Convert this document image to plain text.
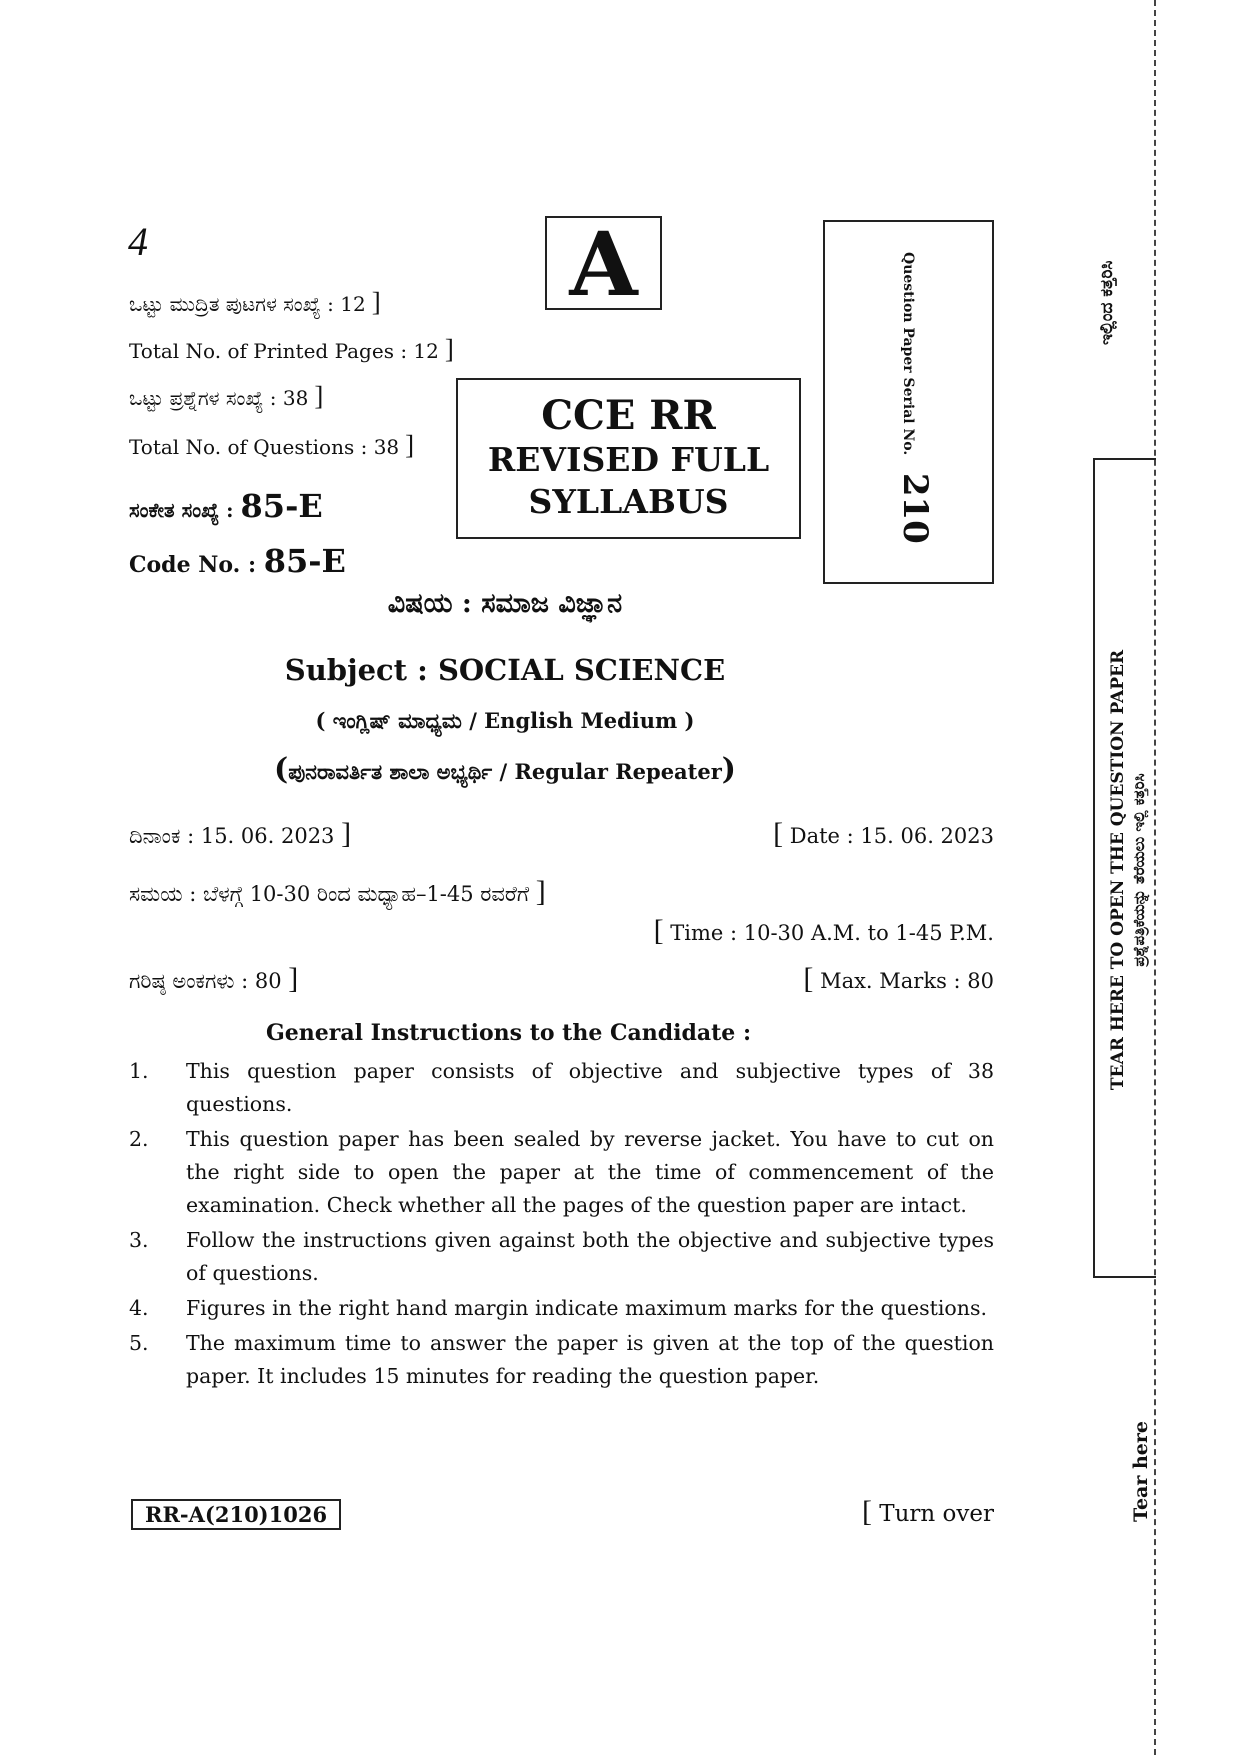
4
ಒಟ್ಟು ಮುದ್ರಿತ ಪುಟಗಳ ಸಂಖ್ಯೆ : 12 ]
Total No. of Printed Pages : 12 ]
ಒಟ್ಟು ಪ್ರಶ್ನೆಗಳ ಸಂಖ್ಯೆ : 38 ]
Total No. of Questions : 38 ]
ಸಂಕೇತ ಸಂಖ್ಯೆ : 85-E
Code No. : 85-E
A
CCE RR
REVISED FULL
SYLLABUS
Question Paper Serial No. 210
ವಿಷಯ : ಸಮಾಜ ವಿಜ್ಞಾನ
Subject : SOCIAL SCIENCE
( ಇಂಗ್ಲಿಷ್ ಮಾಧ್ಯಮ / English Medium )
(ಪುನರಾವರ್ತಿತ ಶಾಲಾ ಅಭ್ಯರ್ಥಿ / Regular Repeater)
ದಿನಾಂಕ : 15. 06. 2023 ]	[ Date : 15. 06. 2023
ಸಮಯ : ಬೆಳಗ್ಗೆ 10-30 ರಿಂದ ಮಧ್ಯಾಹ–1-45 ರವರೆಗೆ ]
[ Time : 10-30 A.M. to 1-45 P.M.
ಗರಿಷ್ಠ ಅಂಕಗಳು : 80 ]	[ Max. Marks : 80
General Instructions to the Candidate :
1.	This question paper consists of objective and subjective types of 38 questions.
2.	This question paper has been sealed by reverse jacket. You have to cut on the right side to open the paper at the time of commencement of the examination. Check whether all the pages of the question paper are intact.
3.	Follow the instructions given against both the objective and subjective types of questions.
4.	Figures in the right hand margin indicate maximum marks for the questions.
5.	The maximum time to answer the paper is given at the top of the question paper. It includes 15 minutes for reading the question paper.
RR-A(210)1026	[ Turn over
ಇಲ್ಲಿಂದ ಕತ್ತರಿಸಿ
TEAR HERE TO OPEN THE QUESTION PAPER ಪ್ರಶ್ನೆಪತ್ರಿಕೆಯನ್ನು ತೆರೆಯಲು ಇಲ್ಲಿ ಕತ್ತರಿಸಿ
Tear here
